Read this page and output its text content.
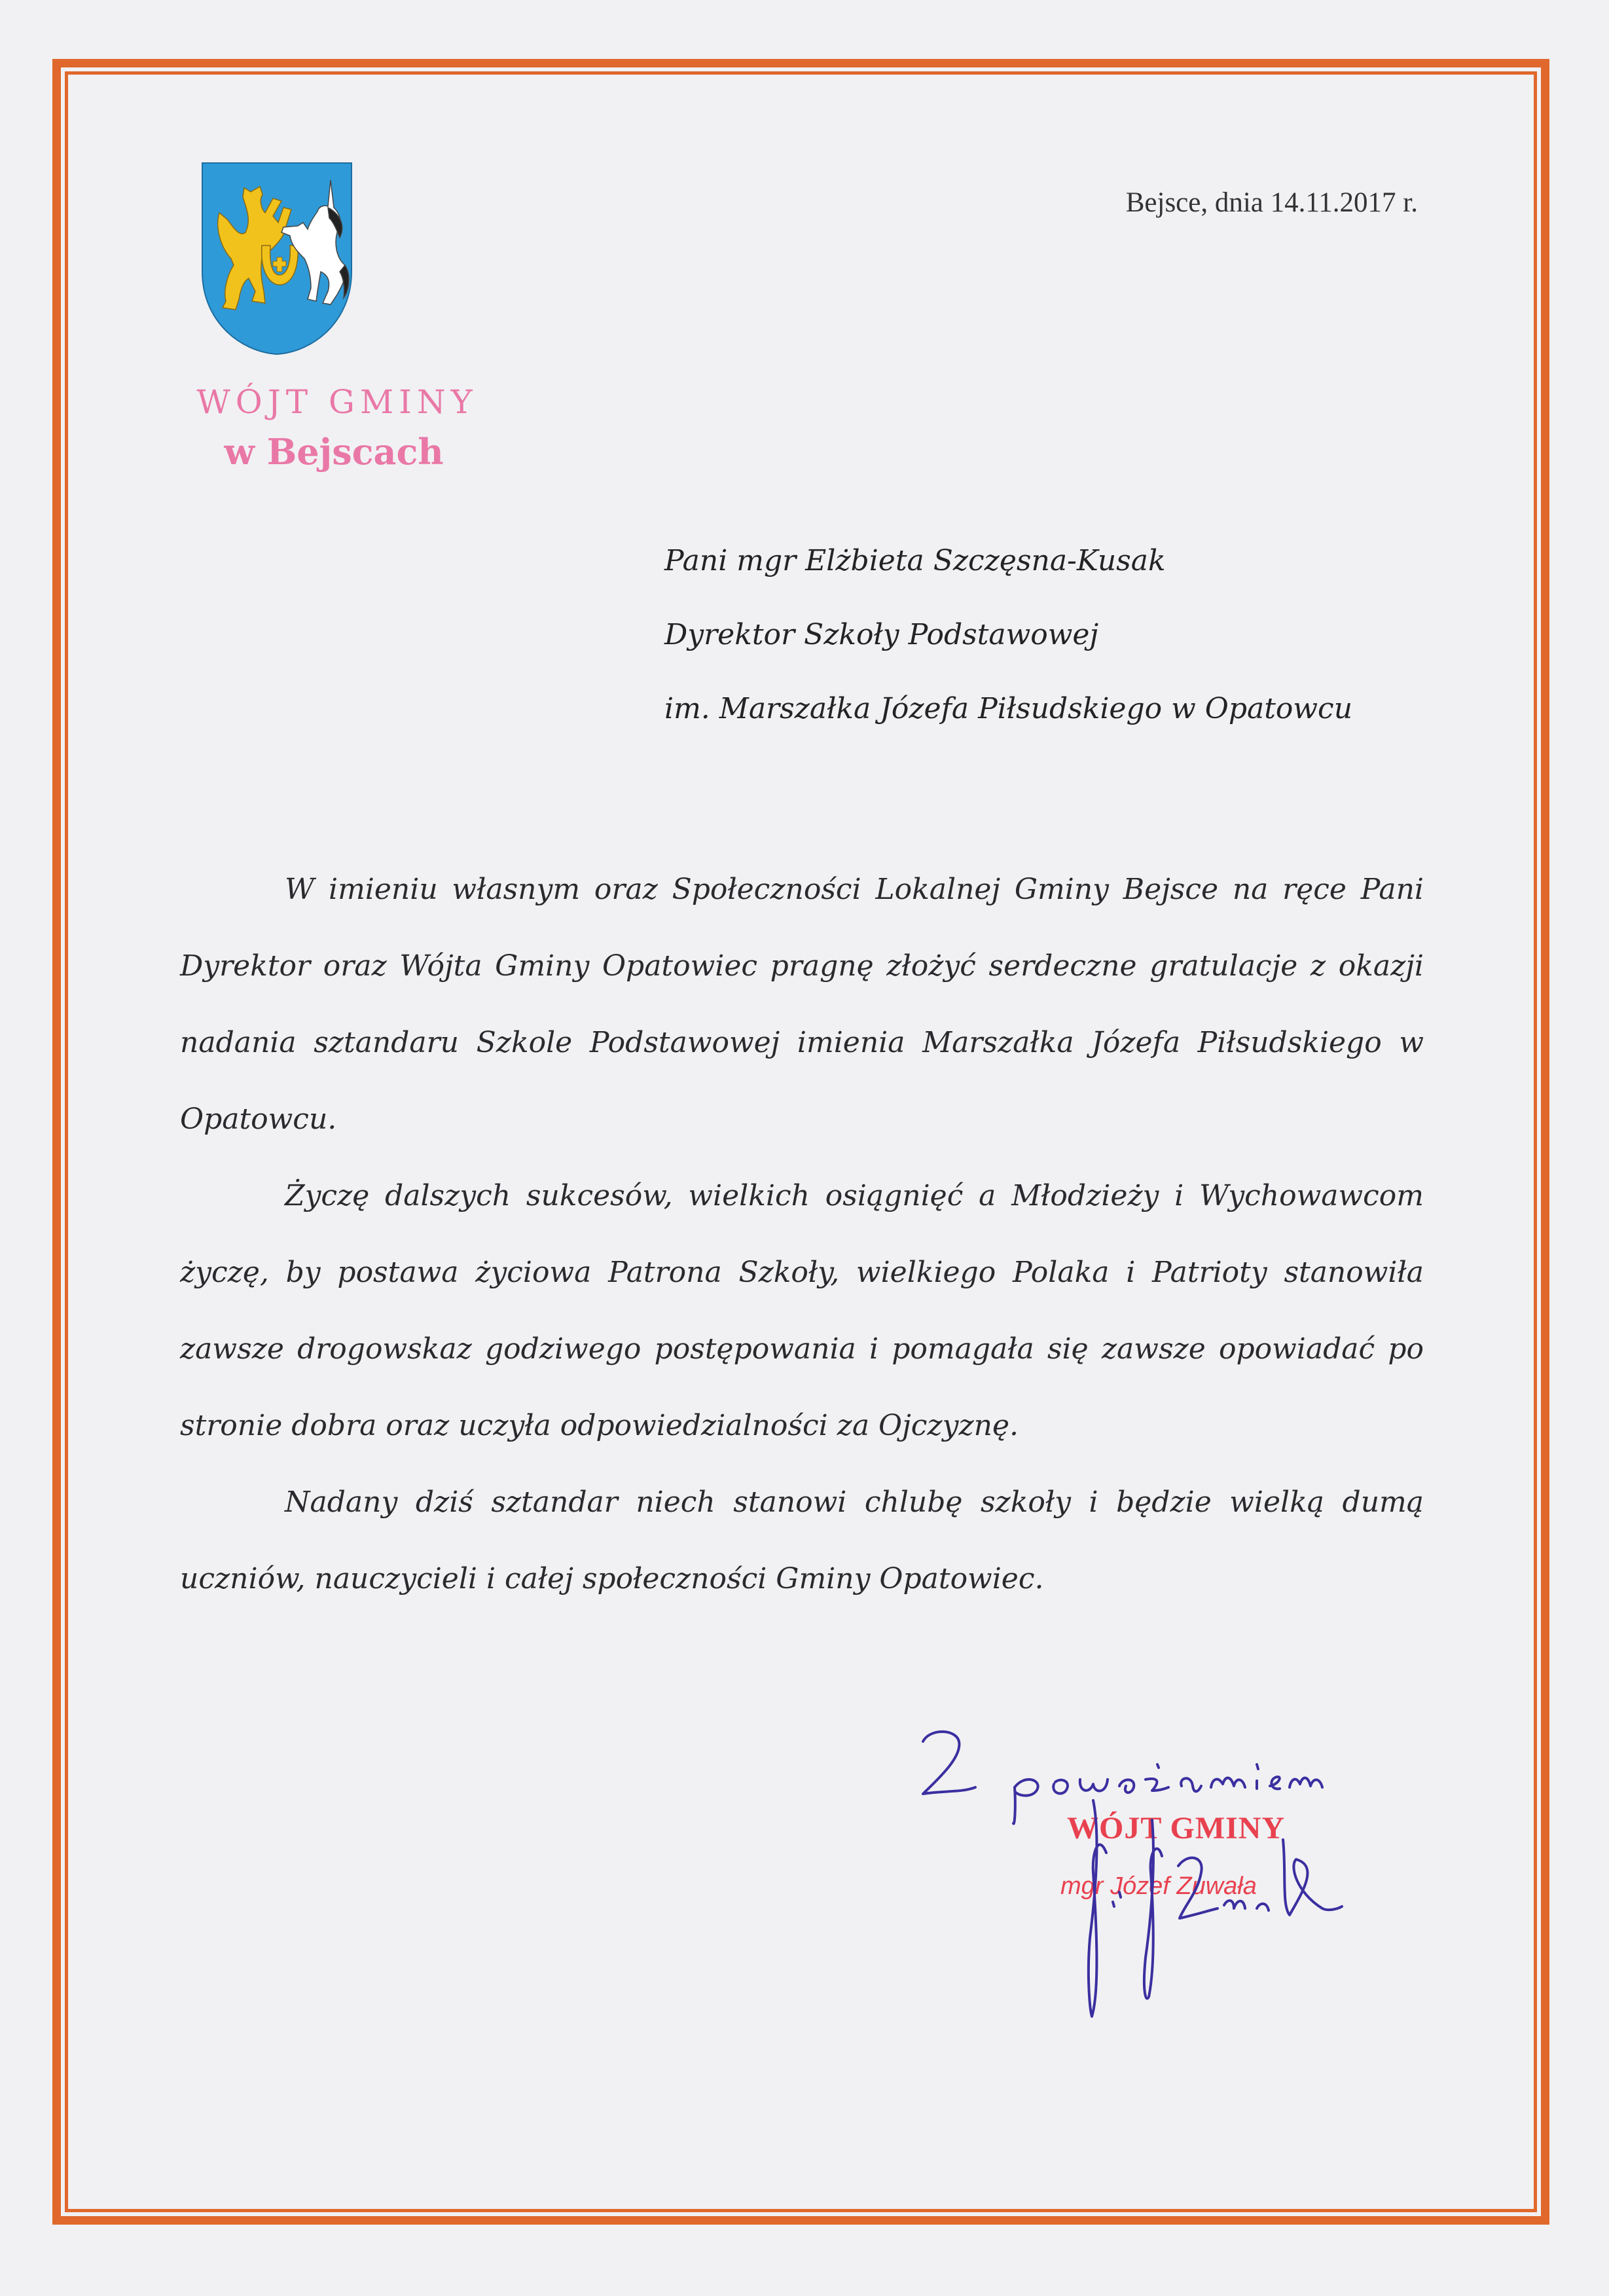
WÓJT GMINY
w Bejscach
Bejsce, dnia 14.11.2017 r.
Pani mgr Elżbieta Szczęsna-Kusak
Dyrektor Szkoły Podstawowej
im. Marszałka Józefa Piłsudskiego w Opatowcu

W imieniu własnym oraz Społeczności Lokalnej Gminy Bejsce na ręce Pani Dyrektor oraz Wójta Gminy Opatowiec pragnę złożyć serdeczne gratulacje z okazji nadania sztandaru Szkole Podstawowej imienia Marszałka Józefa Piłsudskiego w Opatowcu.

Życzę dalszych sukcesów, wielkich osiągnięć a Młodzieży i Wychowawcom życzę, by postawa życiowa Patrona Szkoły, wielkiego Polaka i Patrioty stanowiła zawsze drogowskaz godziwego postępowania i pomagała się zawsze opowiadać po stronie dobra oraz uczyła odpowiedzialności za Ojczyznę.

Nadany dziś sztandar niech stanowi chlubę szkoły i będzie wielką dumą uczniów, nauczycieli i całej społeczności Gminy Opatowiec.

WÓJT GMINY
mgr Józef Zuwała
